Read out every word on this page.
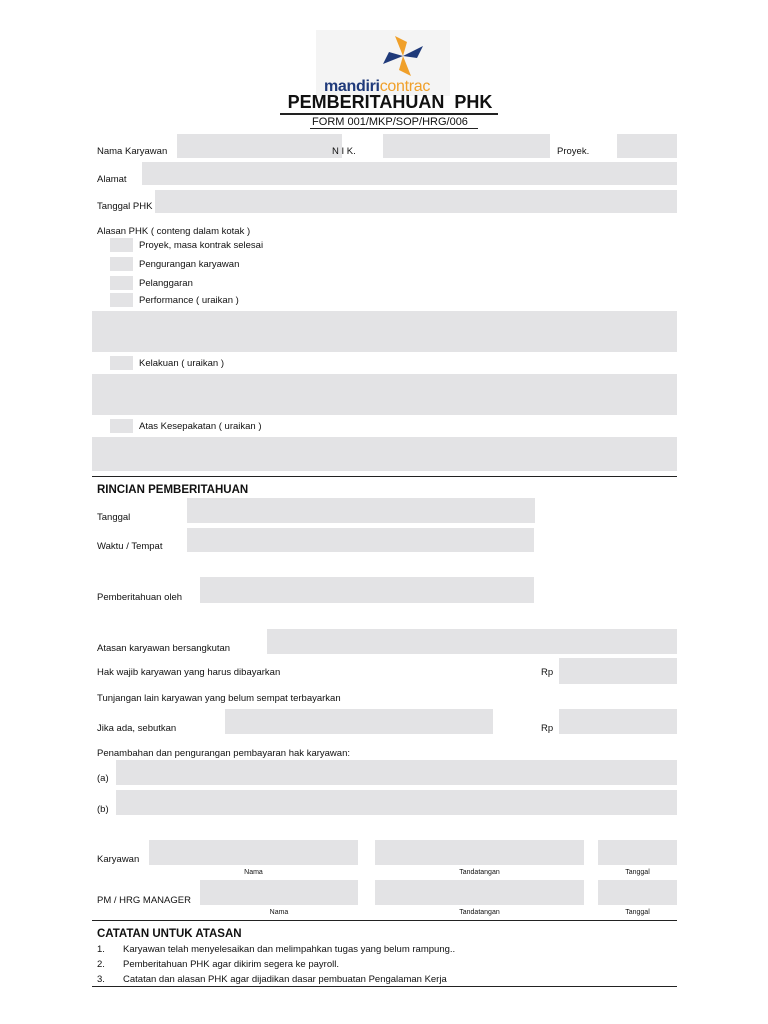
mandiricontrac
PEMBERITAHUAN  PHK
FORM 001/MKP/SOP/HRG/006
Nama Karyawan	N I K.	Proyek.
Alamat
Tanggal PHK
Alasan PHK ( conteng dalam kotak )
Proyek, masa kontrak selesai
Pengurangan karyawan
Pelanggaran
Performance ( uraikan )
Kelakuan ( uraikan )
Atas Kesepakatan ( uraikan )
RINCIAN PEMBERITAHUAN
Tanggal
Waktu / Tempat
Pemberitahuan oleh
Atasan karyawan bersangkutan
Hak wajib karyawan yang harus dibayarkan	Rp
Tunjangan lain karyawan yang belum sempat terbayarkan
Jika ada, sebutkan	Rp
Penambahan dan pengurangan pembayaran hak karyawan:
(a)
(b)
Karyawan
Nama	Tandatangan	Tanggal
PM / HRG MANAGER
Nama	Tandatangan	Tanggal
CATATAN UNTUK ATASAN
1. Karyawan telah menyelesaikan dan melimpahkan tugas yang belum rampung..
2. Pemberitahuan PHK agar dikirim segera ke payroll.
3. Catatan dan alasan PHK agar dijadikan dasar pembuatan Pengalaman Kerja
